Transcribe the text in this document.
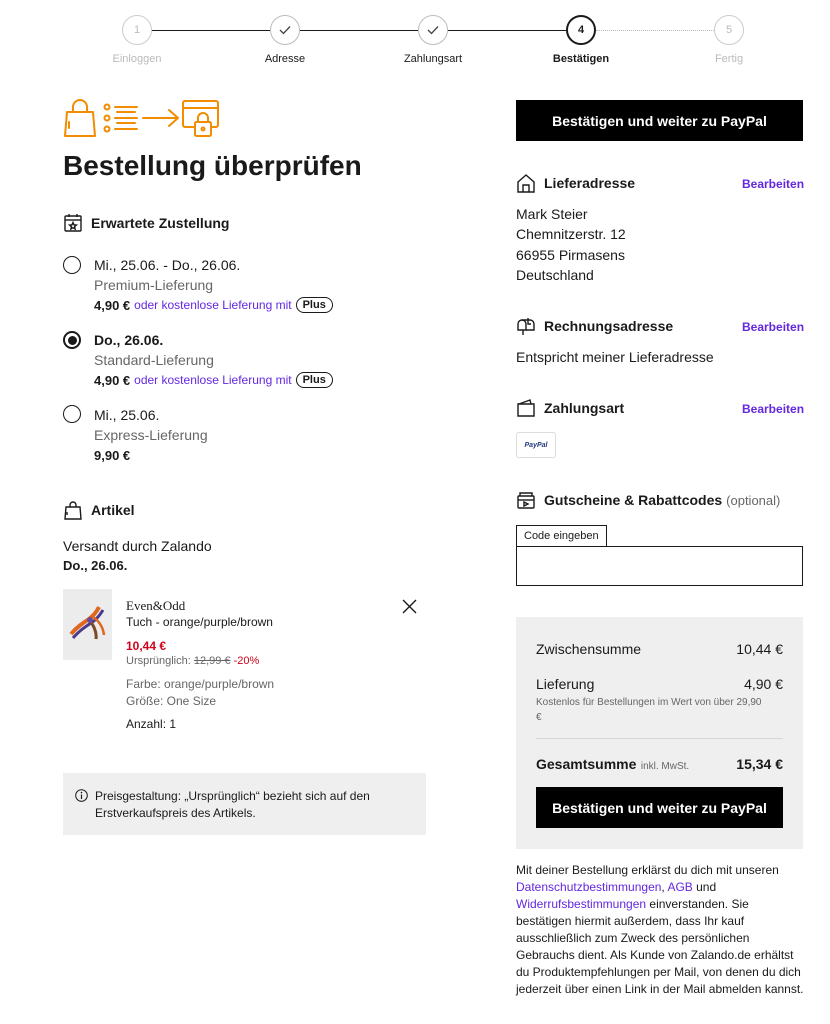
1	4	5
Einloggen	Adresse	Zahlungsart	Bestätigen	Fertig
Bestellung überprüfen
Erwartete Zustellung
Mi., 25.06. - Do., 26.06.
Premium-Lieferung
4,90 € oder kostenlose Lieferung mit	Plus
Do., 26.06.
Standard-Lieferung
4,90 € oder kostenlose Lieferung mit	Plus
Mi., 25.06.
Express-Lieferung
9,90 €
Artikel
Versandt durch Zalando
Do., 26.06.
Even&Odd
Tuch - orange/purple/brown
10,44 €
Ursprünglich: 12,99 € -20%
Farbe: orange/purple/brown
Größe: One Size
Anzahl: 1
Preisgestaltung: „Ursprünglich“ bezieht sich auf den Erstverkaufspreis des Artikels.
Bestätigen und weiter zu PayPal
Lieferadresse	Bearbeiten
Mark Steier
Chemnitzerstr. 12
66955 Pirmasens
Deutschland
Rechnungsadresse	Bearbeiten
Entspricht meiner Lieferadresse
Zahlungsart	Bearbeiten
PayPal
Gutscheine & Rabattcodes (optional)
Code eingeben
Zwischensumme	10,44 €
Lieferung	4,90 €
Kostenlos für Bestellungen im Wert von über 29,90 €
Gesamtsumme inkl. MwSt.	15,34 €
Bestätigen und weiter zu PayPal
Mit deiner Bestellung erklärst du dich mit unseren Datenschutzbestimmungen, AGB und Widerrufsbestimmungen einverstanden. Sie bestätigen hiermit außerdem, dass Ihr kauf ausschließlich zum Zweck des persönlichen Gebrauchs dient. Als Kunde von Zalando.de erhältst du Produktempfehlungen per Mail, von denen du dich jederzeit über einen Link in der Mail abmelden kannst.
